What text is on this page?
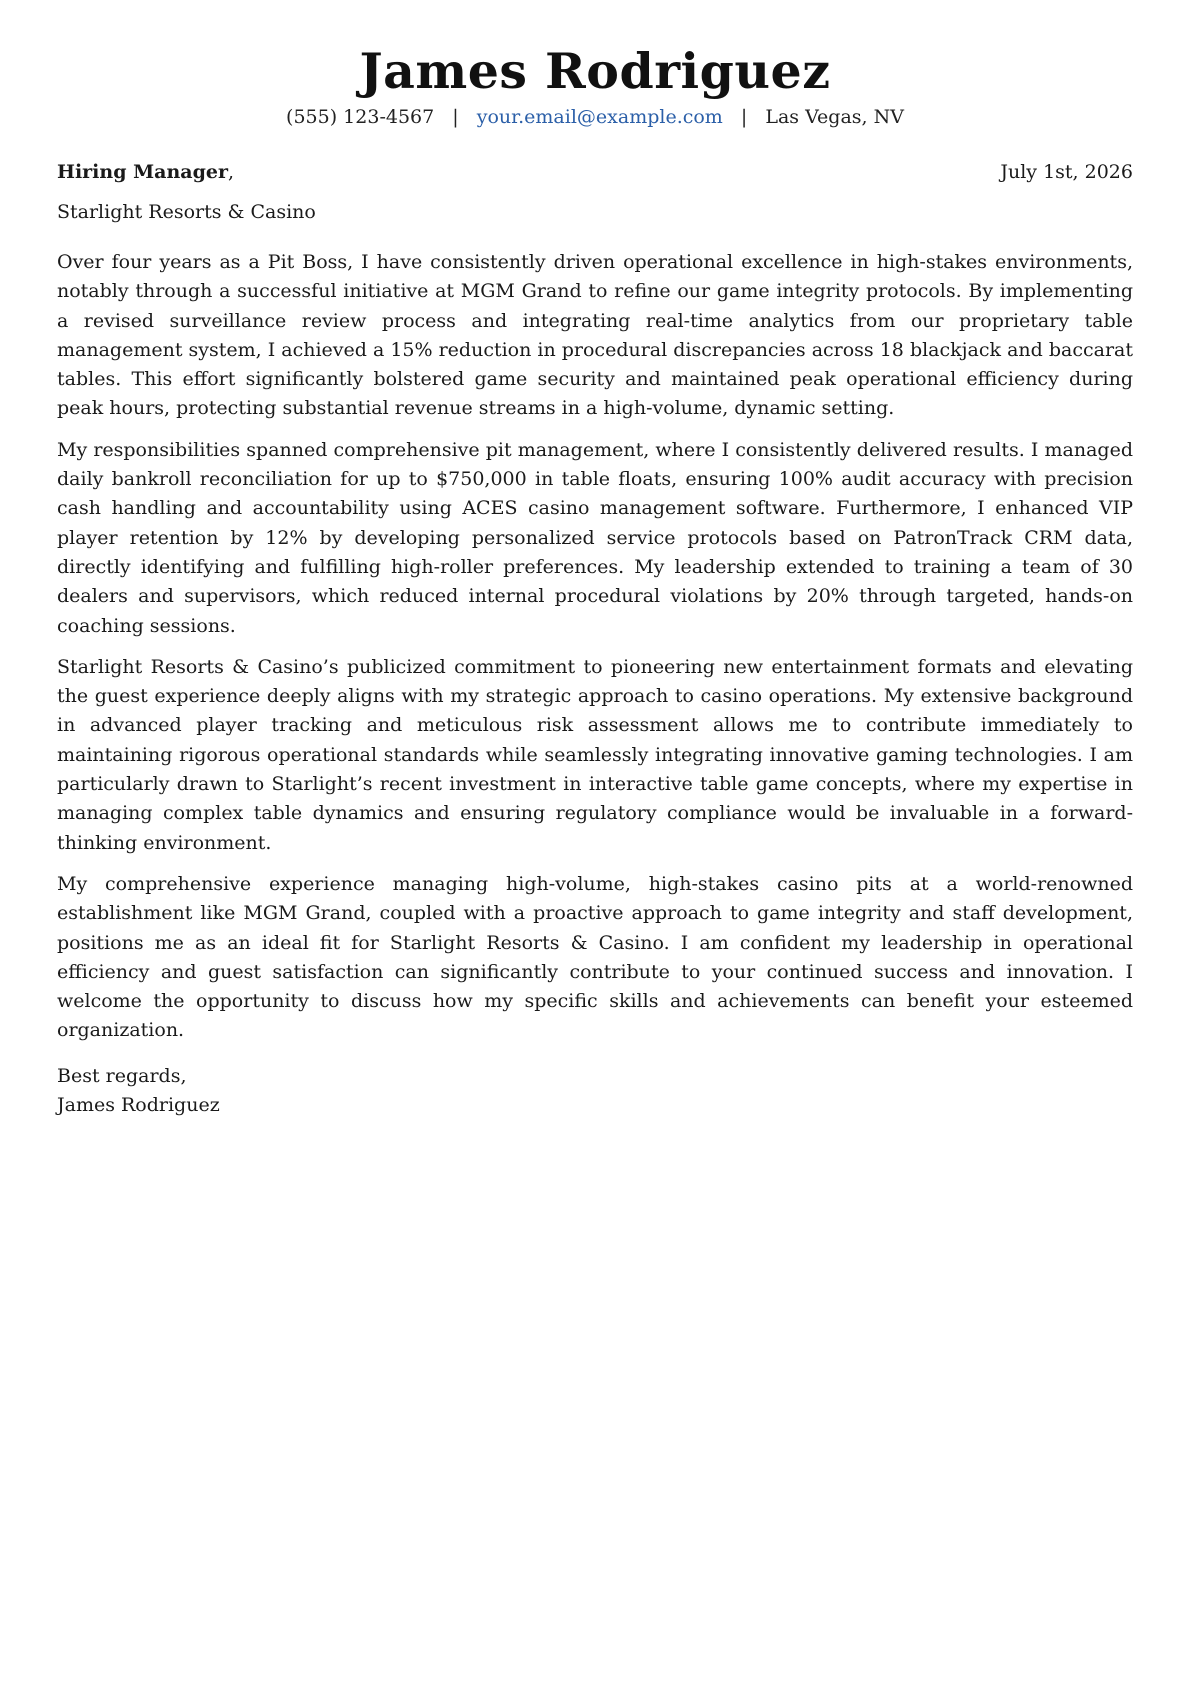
James Rodriguez
(555) 123-4567 | your.email@example.com | Las Vegas, NV
Hiring Manager,	July 1st, 2026
Starlight Resorts & Casino

Over four years as a Pit Boss, I have consistently driven operational excellence in high-stakes environments, notably through a successful initiative at MGM Grand to refine our game integrity protocols. By implementing a revised surveillance review process and integrating real-time analytics from our proprietary table management system, I achieved a 15% reduction in procedural discrepancies across 18 blackjack and baccarat tables. This effort significantly bolstered game security and maintained peak operational efficiency during peak hours, protecting substantial revenue streams in a high-volume, dynamic setting.

My responsibilities spanned comprehensive pit management, where I consistently delivered results. I managed daily bankroll reconciliation for up to $750,000 in table floats, ensuring 100% audit accuracy with precision cash handling and accountability using ACES casino management software. Furthermore, I enhanced VIP player retention by 12% by developing personalized service protocols based on PatronTrack CRM data, directly identifying and fulfilling high-roller preferences. My leadership extended to training a team of 30 dealers and supervisors, which reduced internal procedural violations by 20% through targeted, hands-on coaching sessions.

Starlight Resorts & Casino’s publicized commitment to pioneering new entertainment formats and elevating the guest experience deeply aligns with my strategic approach to casino operations. My extensive background in advanced player tracking and meticulous risk assessment allows me to contribute immediately to maintaining rigorous operational standards while seamlessly integrating innovative gaming technologies. I am particularly drawn to Starlight’s recent investment in interactive table game concepts, where my expertise in managing complex table dynamics and ensuring regulatory compliance would be invaluable in a forward-thinking environment.

My comprehensive experience managing high-volume, high-stakes casino pits at a world-renowned establishment like MGM Grand, coupled with a proactive approach to game integrity and staff development, positions me as an ideal fit for Starlight Resorts & Casino. I am confident my leadership in operational efficiency and guest satisfaction can significantly contribute to your continued success and innovation. I welcome the opportunity to discuss how my specific skills and achievements can benefit your esteemed organization.

Best regards,
James Rodriguez
